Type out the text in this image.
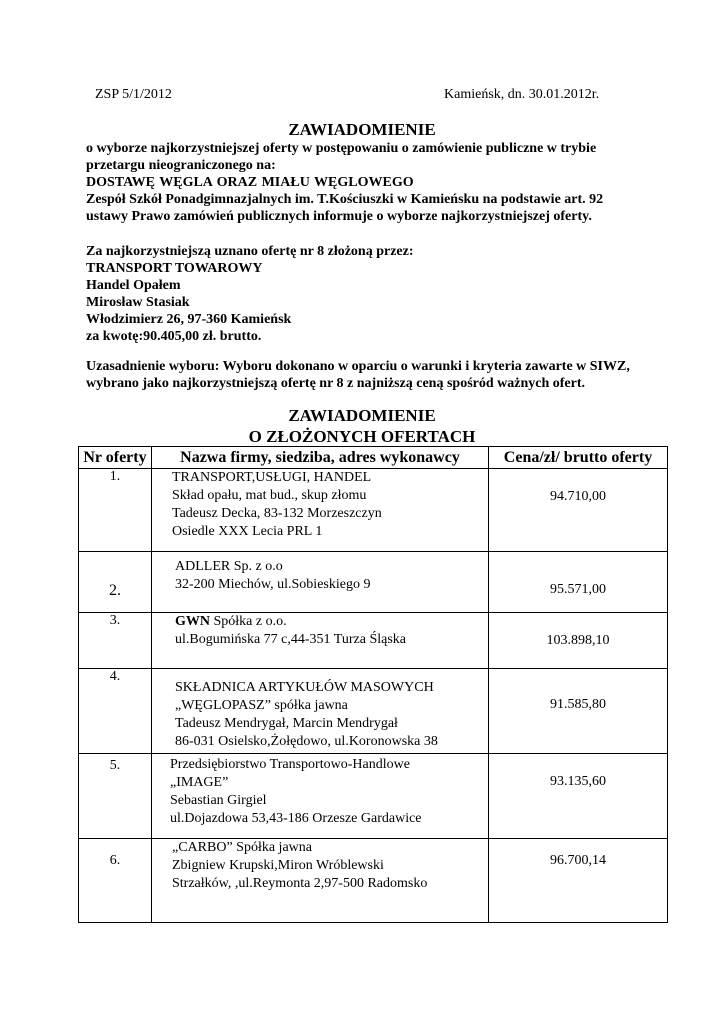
ZSP 5/1/2012	Kamieńsk, dn. 30.01.2012r.
ZAWIADOMIENIE
o wyborze najkorzystniejszej oferty w postępowaniu o zamówienie publiczne w trybie
przetargu nieograniczonego na:
DOSTAWĘ WĘGLA ORAZ MIAŁU WĘGLOWEGO
Zespół Szkół Ponadgimnazjalnych im. T.Kościuszki w Kamieńsku na podstawie art. 92
ustawy Prawo zamówień publicznych informuje o wyborze najkorzystniejszej oferty.
Za najkorzystniejszą uznano ofertę nr 8 złożoną przez:
TRANSPORT TOWAROWY
Handel Opałem
Mirosław Stasiak
Włodzimierz 26, 97-360 Kamieńsk
za kwotę:90.405,00 zł. brutto.
Uzasadnienie wyboru: Wyboru dokonano w oparciu o warunki i kryteria zawarte w SIWZ,
wybrano jako najkorzystniejszą ofertę nr 8 z najniższą ceną spośród ważnych ofert.
ZAWIADOMIENIE
O ZŁOŻONYCH OFERTACH
Nr oferty	Nazwa firmy, siedziba, adres wykonawcy	Cena/zł/ brutto oferty
1.	TRANSPORT,USŁUGI, HANDEL
Skład opału, mat bud., skup złomu
Tadeusz Decka, 83-132 Morzeszczyn
Osiedle XXX Lecia PRL 1	94.710,00
2.	ADLLER Sp. z o.o
32-200 Miechów, ul.Sobieskiego 9	95.571,00
3.	GWN Spółka z o.o.
ul.Bogumińska 77 c,44-351 Turza Śląska	103.898,10
4.	SKŁADNICA ARTYKUŁÓW MASOWYCH
„WĘGLOPASZ” spółka jawna
Tadeusz Mendrygał, Marcin Mendrygał
86-031 Osielsko,Żołędowo, ul.Koronowska 38	91.585,80
5.	Przedsiębiorstwo Transportowo-Handlowe
„IMAGE”
Sebastian Girgiel
ul.Dojazdowa 53,43-186 Orzesze Gardawice	93.135,60
6.	„CARBO” Spółka jawna
Zbigniew Krupski,Miron Wróblewski
Strzałków, ,ul.Reymonta 2,97-500 Radomsko	96.700,14
